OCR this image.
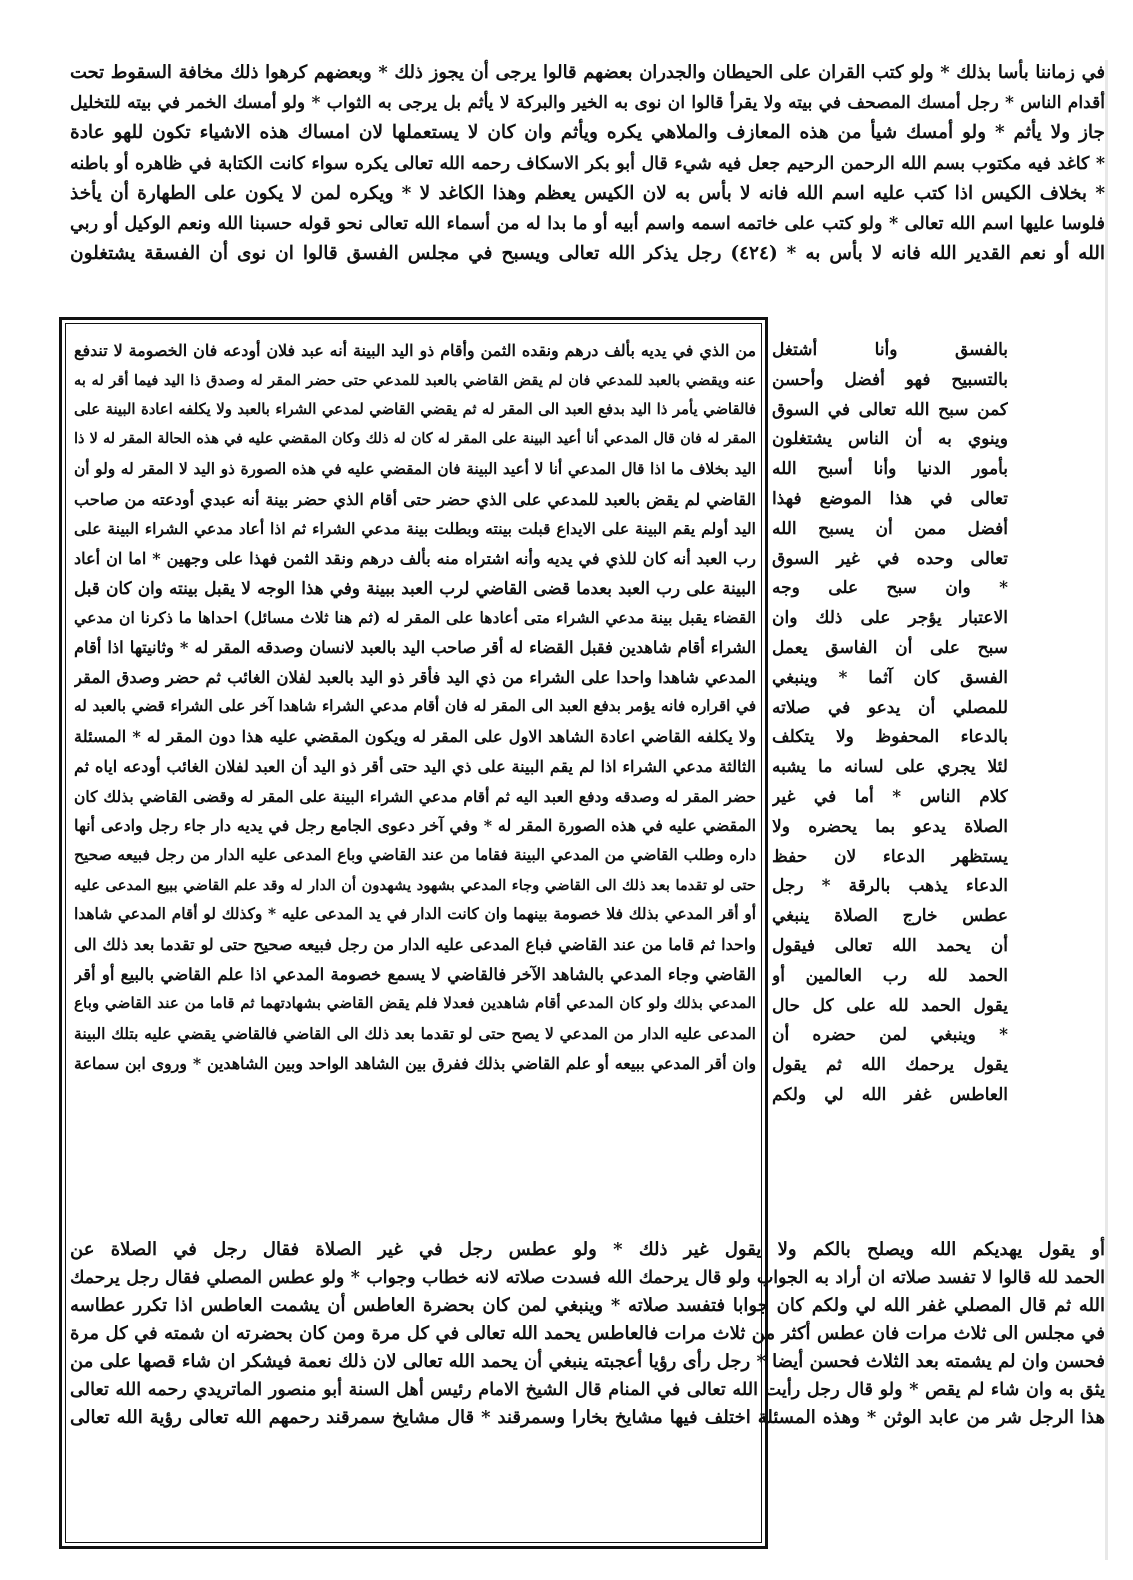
في زماننا بأسا بذلك * ولو كتب القران على الحيطان والجدران بعضهم قالوا يرجى أن يجوز ذلك * وبعضهم كرهوا ذلك مخافة السقوط تحت

أقدام الناس * رجل أمسك المصحف في بيته ولا يقرأ قالوا ان نوى به الخير والبركة لا يأثم بل يرجى به الثواب * ولو أمسك الخمر في بيته للتخليل

جاز ولا يأثم * ولو أمسك شيأ من هذه المعازف والملاهي يكره ويأثم وان كان لا يستعملها لان امساك هذه الاشياء تكون للهو عادة

* كاغد فيه مكتوب بسم الله الرحمن الرحيم جعل فيه شيء قال أبو بكر الاسكاف رحمه الله تعالى يكره سواء كانت الكتابة في ظاهره أو باطنه

* بخلاف الكيس اذا كتب عليه اسم الله فانه لا بأس به لان الكيس يعظم وهذا الكاغد لا * ويكره لمن لا يكون على الطهارة أن يأخذ

فلوسا عليها اسم الله تعالى * ولو كتب على خاتمه اسمه واسم أبيه أو ما بدا له من أسماء الله تعالى نحو قوله حسبنا الله ونعم الوكيل أو ربي

الله أو نعم القدير الله فانه لا بأس به * (٤٢٤) رجل يذكر الله تعالى ويسبح في مجلس الفسق قالوا ان نوى أن الفسقة يشتغلون

من الذي في يديه بألف درهم ونقده الثمن وأقام ذو اليد البينة أنه عبد فلان أودعه فان الخصومة لا تندفع

عنه ويقضي بالعبد للمدعي فان لم يقض القاضي بالعبد للمدعي حتى حضر المقر له وصدق ذا اليد فيما أقر له به

فالقاضي يأمر ذا اليد بدفع العبد الى المقر له ثم يقضي القاضي لمدعي الشراء بالعبد ولا يكلفه اعادة البينة على

المقر له فان قال المدعي أنا أعيد البينة على المقر له كان له ذلك وكان المقضي عليه في هذه الحالة المقر له لا ذا

اليد بخلاف ما اذا قال المدعي أنا لا أعيد البينة فان المقضي عليه في هذه الصورة ذو اليد لا المقر له ولو أن

القاضي لم يقض بالعبد للمدعي على الذي حضر حتى أقام الذي حضر بينة أنه عبدي أودعته من صاحب

اليد أولم يقم البينة على الايداع قبلت بينته وبطلت بينة مدعي الشراء ثم اذا أعاد مدعي الشراء البينة على

رب العبد أنه كان للذي في يديه وأنه اشتراه منه بألف درهم ونقد الثمن فهذا على وجهين * اما ان أعاد

البينة على رب العبد بعدما قضى القاضي لرب العبد ببينة وفي هذا الوجه لا يقبل بينته وان كان قبل

القضاء يقبل بينة مدعي الشراء متى أعادها على المقر له (ثم هنا ثلاث مسائل) احداها ما ذكرنا ان مدعي

الشراء أقام شاهدين فقبل القضاء له أقر صاحب اليد بالعبد لانسان وصدقه المقر له * وثانيتها اذا أقام

المدعي شاهدا واحدا على الشراء من ذي اليد فأقر ذو اليد بالعبد لفلان الغائب ثم حضر وصدق المقر

في اقراره فانه يؤمر بدفع العبد الى المقر له فان أقام مدعي الشراء شاهدا آخر على الشراء قضي بالعبد له

ولا يكلفه القاضي اعادة الشاهد الاول على المقر له ويكون المقضي عليه هذا دون المقر له * المسئلة

الثالثة مدعي الشراء اذا لم يقم البينة على ذي اليد حتى أقر ذو اليد أن العبد لفلان الغائب أودعه اياه ثم

حضر المقر له وصدقه ودفع العبد اليه ثم أقام مدعي الشراء البينة على المقر له وقضى القاضي بذلك كان

المقضي عليه في هذه الصورة المقر له * وفي آخر دعوى الجامع رجل في يديه دار جاء رجل وادعى أنها

داره وطلب القاضي من المدعي البينة فقاما من عند القاضي وباع المدعى عليه الدار من رجل فبيعه صحيح

حتى لو تقدما بعد ذلك الى القاضي وجاء المدعي بشهود يشهدون أن الدار له وقد علم القاضي ببيع المدعى عليه

أو أقر المدعي بذلك فلا خصومة بينهما وان كانت الدار في يد المدعى عليه * وكذلك لو أقام المدعي شاهدا

واحدا ثم قاما من عند القاضي فباع المدعى عليه الدار من رجل فبيعه صحيح حتى لو تقدما بعد ذلك الى

القاضي وجاء المدعي بالشاهد الآخر فالقاضي لا يسمع خصومة المدعي اذا علم القاضي بالبيع أو أقر

المدعي بذلك ولو كان المدعي أقام شاهدين فعدلا فلم يقض القاضي بشهادتهما ثم قاما من عند القاضي وباع

المدعى عليه الدار من المدعي لا يصح حتى لو تقدما بعد ذلك الى القاضي فالقاضي يقضي عليه بتلك البينة

وان أقر المدعي ببيعه أو علم القاضي بذلك ففرق بين الشاهد الواحد وبين الشاهدين * وروى ابن سماعة

بالفسق وأنا أشتغل

بالتسبيح فهو أفضل وأحسن

كمن سبح الله تعالى في السوق

وينوي به أن الناس يشتغلون

بأمور الدنيا وأنا أسبح الله

تعالى في هذا الموضع فهذا

أفضل ممن أن يسبح الله

تعالى وحده في غير السوق

* وان سبح على وجه

الاعتبار يؤجر على ذلك وان

سبح على أن الفاسق يعمل

الفسق كان آثما * وينبغي

للمصلي أن يدعو في صلاته

بالدعاء المحفوظ ولا يتكلف

لئلا يجري على لسانه ما يشبه

كلام الناس * أما في غير

الصلاة يدعو بما يحضره ولا

يستظهر الدعاء لان حفظ

الدعاء يذهب بالرقة * رجل

عطس خارج الصلاة ينبغي

أن يحمد الله تعالى فيقول

الحمد لله رب العالمين أو

يقول الحمد لله على كل حال

* وينبغي لمن حضره أن

يقول يرحمك الله ثم يقول

العاطس غفر الله لي ولكم

أو يقول يهديكم الله ويصلح بالكم ولا يقول غير ذلك * ولو عطس رجل في غير الصلاة فقال رجل في الصلاة عن

الحمد لله قالوا لا تفسد صلاته ان أراد به الجواب ولو قال يرحمك الله فسدت صلاته لانه خطاب وجواب * ولو عطس المصلي فقال رجل يرحمك

الله ثم قال المصلي غفر الله لي ولكم كان جوابا فتفسد صلاته * وينبغي لمن كان بحضرة العاطس أن يشمت العاطس اذا تكرر عطاسه

في مجلس الى ثلاث مرات فان عطس أكثر من ثلاث مرات فالعاطس يحمد الله تعالى في كل مرة ومن كان بحضرته ان شمته في كل مرة

فحسن وان لم يشمته بعد الثلاث فحسن أيضا * رجل رأى رؤيا أعجبته ينبغي أن يحمد الله تعالى لان ذلك نعمة فيشكر ان شاء قصها على من

يثق به وان شاء لم يقص * ولو قال رجل رأيت الله تعالى في المنام قال الشيخ الامام رئيس أهل السنة أبو منصور الماتريدي رحمه الله تعالى

هذا الرجل شر من عابد الوثن * وهذه المسئلة اختلف فيها مشايخ بخارا وسمرقند * قال مشايخ سمرقند رحمهم الله تعالى رؤية الله تعالى
